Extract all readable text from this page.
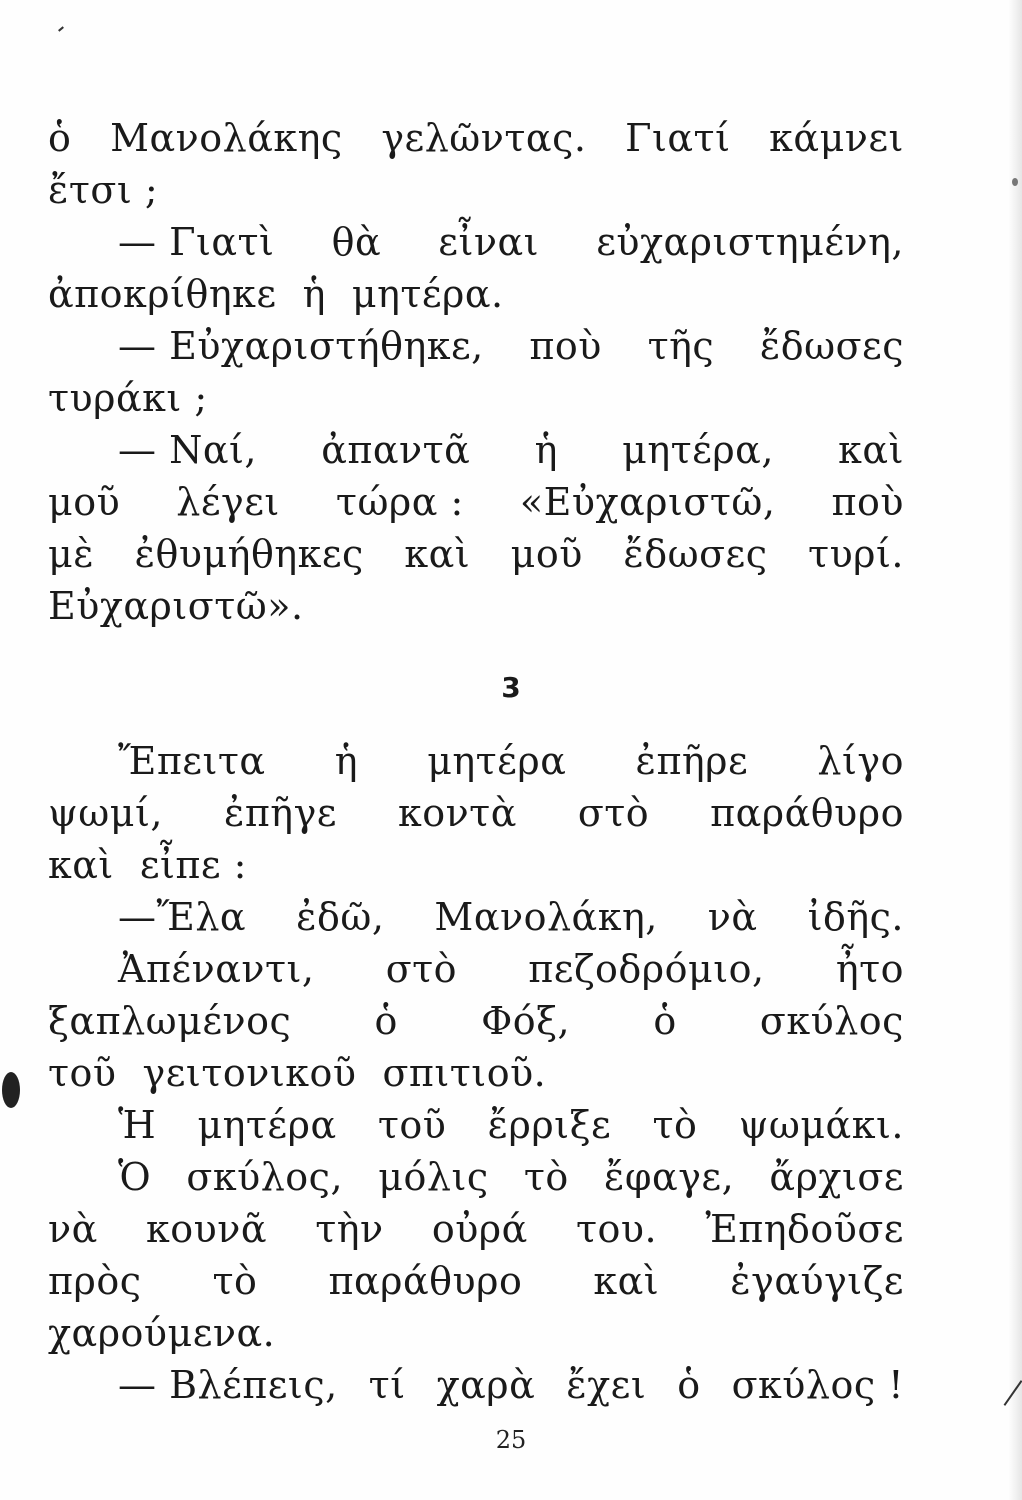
ὁ Μανολάκης γελῶντας. Γιατί κάμνει
ἔτσι ;
— Γιατὶ θὰ εἶναι εὐχαριστημένη,
ἀποκρίθηκε ἡ μητέρα.
— Εὐχαριστήθηκε, ποὺ τῆς ἔδωσες
τυράκι ;
— Ναί, ἀπαντᾶ ἡ μητέρα, καὶ
μοῦ λέγει τώρα : «Εὐχαριστῶ, ποὺ
μὲ ἐθυμήθηκες καὶ μοῦ ἔδωσες τυρί.
Εὐχαριστῶ».
3
Ἔπειτα ἡ μητέρα ἐπῆρε λίγο
ψωμί, ἐπῆγε κοντὰ στὸ παράθυρο
καὶ εἶπε :
—Ἔλα ἐδῶ, Μανολάκη, νὰ ἰδῆς.
Ἀπέναντι, στὸ πεζοδρόμιο, ἦτο
ξαπλωμένος ὁ Φόξ, ὁ σκύλος
τοῦ γειτονικοῦ σπιτιοῦ.
Ἡ μητέρα τοῦ ἔρριξε τὸ ψωμάκι.
Ὁ σκύλος, μόλις τὸ ἔφαγε, ἄρχισε
νὰ κουνᾶ τὴν οὐρά του. Ἐπηδοῦσε
πρὸς τὸ παράθυρο καὶ ἐγαύγιζε
χαρούμενα.
— Βλέπεις, τί χαρὰ ἔχει ὁ σκύλος !
25
